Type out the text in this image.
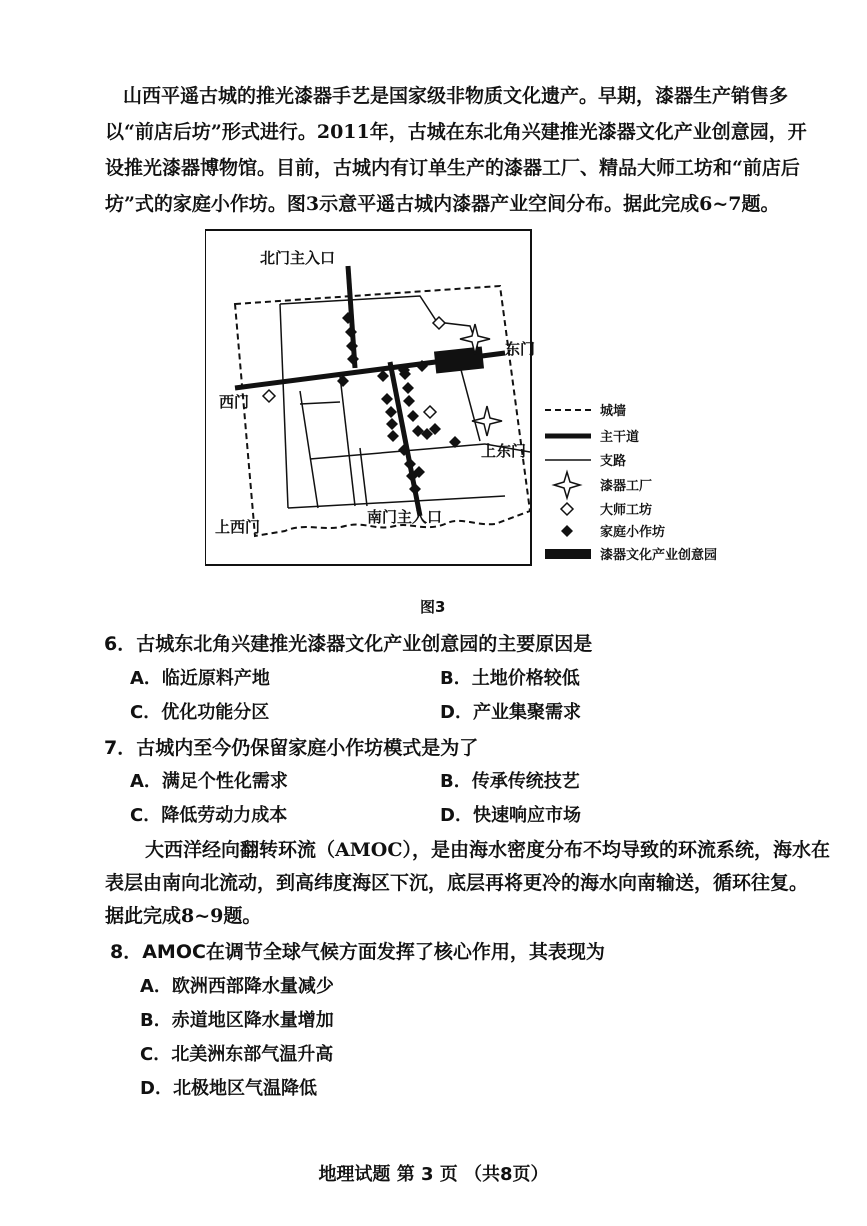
山西平遥古城的推光漆器手艺是国家级非物质文化遗产。早期，漆器生产销售多
以“前店后坊”形式进行。2011年，古城在东北角兴建推光漆器文化产业创意园，开
设推光漆器博物馆。目前，古城内有订单生产的漆器工厂、精品大师工坊和“前店后
坊”式的家庭小作坊。图3示意平遥古城内漆器产业空间分布。据此完成6~7题。
北门主入口
东门
西门
上东门
上西门
南门主入口
城墙
主干道
支路
漆器工厂
大师工坊
家庭小作坊
漆器文化产业创意园
图3
6．古城东北角兴建推光漆器文化产业创意园的主要原因是
A．临近原料产地	B．土地价格较低
C．优化功能分区	D．产业集聚需求
7．古城内至今仍保留家庭小作坊模式是为了
A．满足个性化需求	B．传承传统技艺
C．降低劳动力成本	D．快速响应市场
大西洋经向翻转环流（AMOC），是由海水密度分布不均导致的环流系统，海水在
表层由南向北流动，到高纬度海区下沉，底层再将更冷的海水向南输送，循环往复。
据此完成8~9题。
8．AMOC在调节全球气候方面发挥了核心作用，其表现为
A．欧洲西部降水量减少
B．赤道地区降水量增加
C．北美洲东部气温升高
D．北极地区气温降低
地理试题 第 3 页 （共8页）
